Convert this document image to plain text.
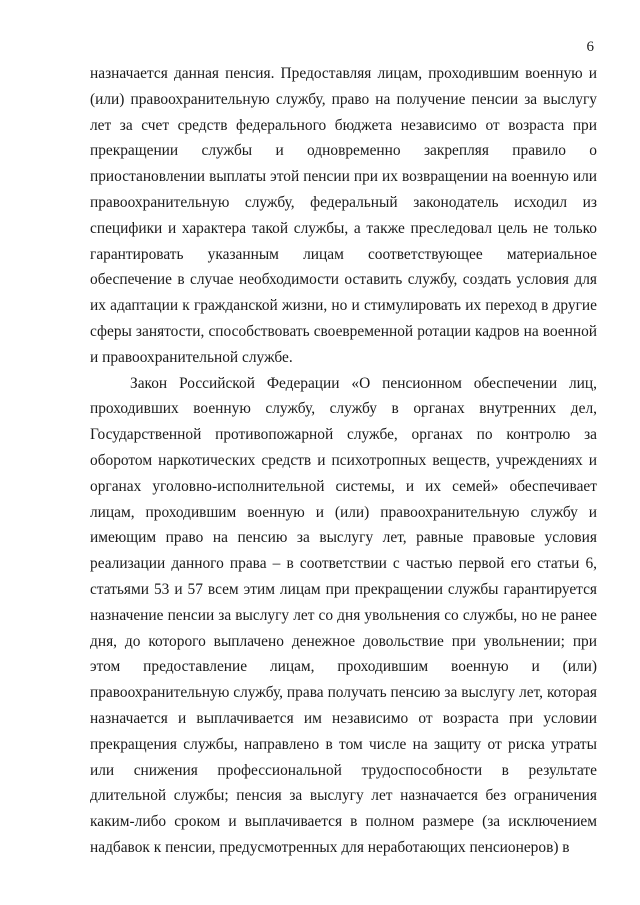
6

назначается данная пенсия. Предоставляя лицам, проходившим военную и (или) правоохранительную службу, право на получение пенсии за выслугу лет за счет средств федерального бюджета независимо от возраста при прекращении службы и одновременно закрепляя правило о приостановлении выплаты этой пенсии при их возвращении на военную или правоохранительную службу, федеральный законодатель исходил из специфики и характера такой службы, а также преследовал цель не только гарантировать указанным лицам соответствующее материальное обеспечение в случае необходимости оставить службу, создать условия для их адаптации к гражданской жизни, но и стимулировать их переход в другие сферы занятости, способствовать своевременной ротации кадров на военной и правоохранительной службе.

Закон Российской Федерации «О пенсионном обеспечении лиц, проходивших военную службу, службу в органах внутренних дел, Государственной противопожарной службе, органах по контролю за оборотом наркотических средств и психотропных веществ, учреждениях и органах уголовно-исполнительной системы, и их семей» обеспечивает лицам, проходившим военную и (или) правоохранительную службу и имеющим право на пенсию за выслугу лет, равные правовые условия реализации данного права – в соответствии с частью первой его статьи 6, статьями 53 и 57 всем этим лицам при прекращении службы гарантируется назначение пенсии за выслугу лет со дня увольнения со службы, но не ранее дня, до которого выплачено денежное довольствие при увольнении; при этом предоставление лицам, проходившим военную и (или) правоохранительную службу, права получать пенсию за выслугу лет, которая назначается и выплачивается им независимо от возраста при условии прекращения службы, направлено в том числе на защиту от риска утраты или снижения профессиональной трудоспособности в результате длительной службы; пенсия за выслугу лет назначается без ограничения каким-либо сроком и выплачивается в полном размере (за исключением надбавок к пенсии, предусмотренных для неработающих пенсионеров) в
